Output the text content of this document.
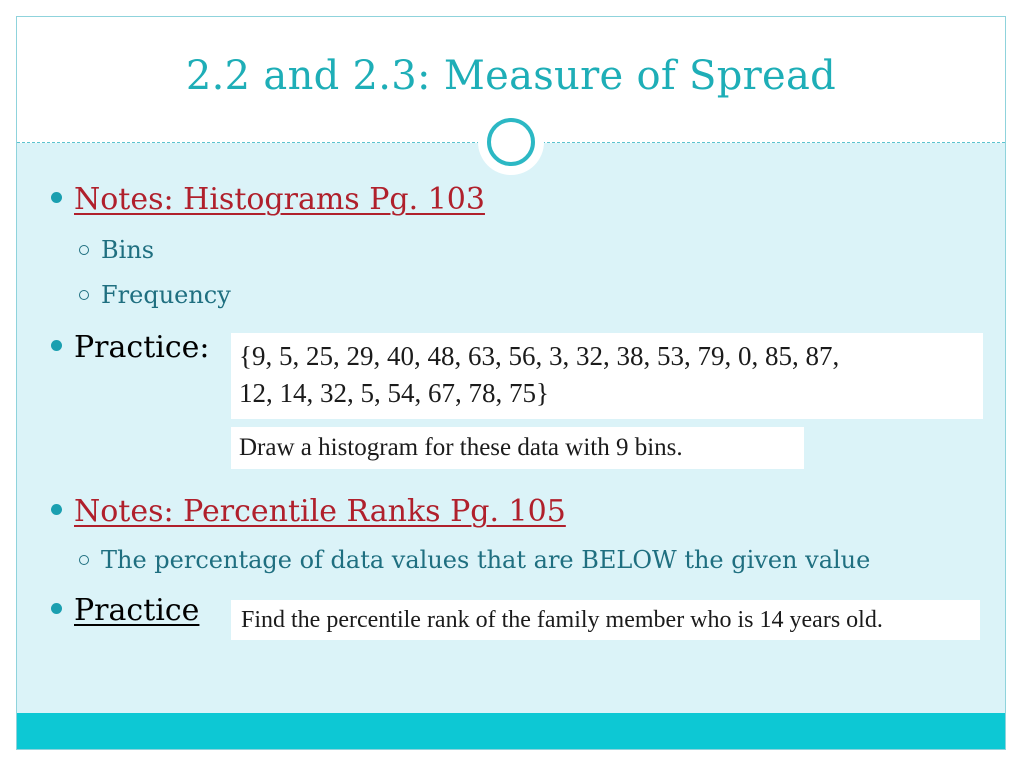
2.2 and 2.3: Measure of Spread
Notes: Histograms Pg. 103
Bins
Frequency
Practice: {9, 5, 25, 29, 40, 48, 63, 56, 3, 32, 38, 53, 79, 0, 85, 87,
12, 14, 32, 5, 54, 67, 78, 75}
Draw a histogram for these data with 9 bins.
Notes: Percentile Ranks Pg. 105
The percentage of data values that are BELOW the given value
Practice	Find the percentile rank of the family member who is 14 years old.
